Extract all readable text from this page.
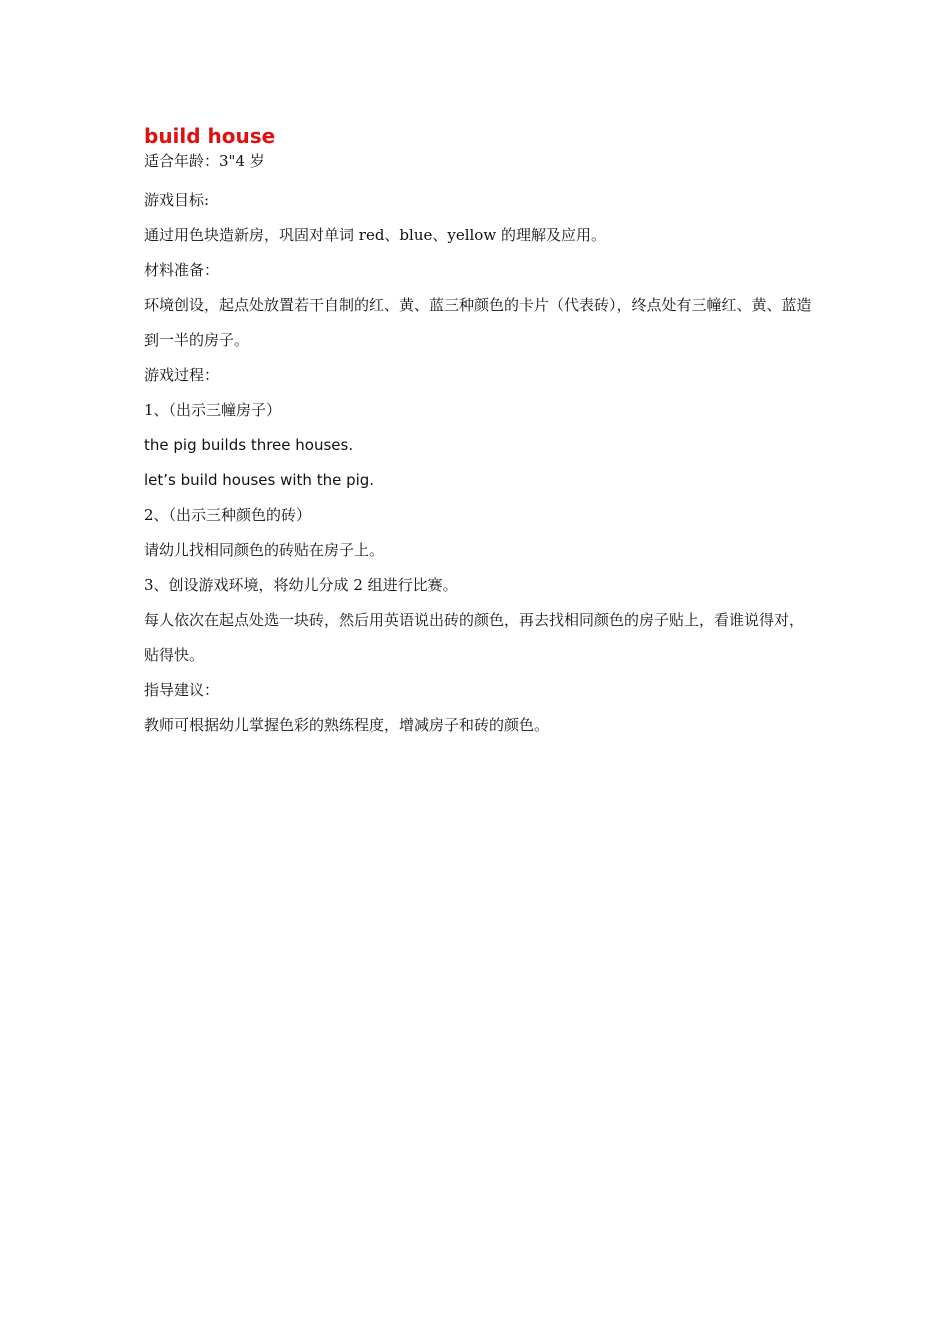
build house

适合年龄：3"4 岁

游戏目标:

通过用色块造新房，巩固对单词 red、blue、yellow 的理解及应用。

材料准备：

环境创设，起点处放置若干自制的红、黄、蓝三种颜色的卡片（代表砖），终点处有三幢红、黄、蓝造到一半的房子。

游戏过程：

1、（出示三幢房子）

the pig builds three houses.

let’s build houses with the pig.

2、（出示三种颜色的砖）

请幼儿找相同颜色的砖贴在房子上。

3、创设游戏环境，将幼儿分成 2 组进行比赛。

每人依次在起点处选一块砖，然后用英语说出砖的颜色，再去找相同颜色的房子贴上，看谁说得对，贴得快。

指导建议：

教师可根据幼儿掌握色彩的熟练程度，增减房子和砖的颜色。
